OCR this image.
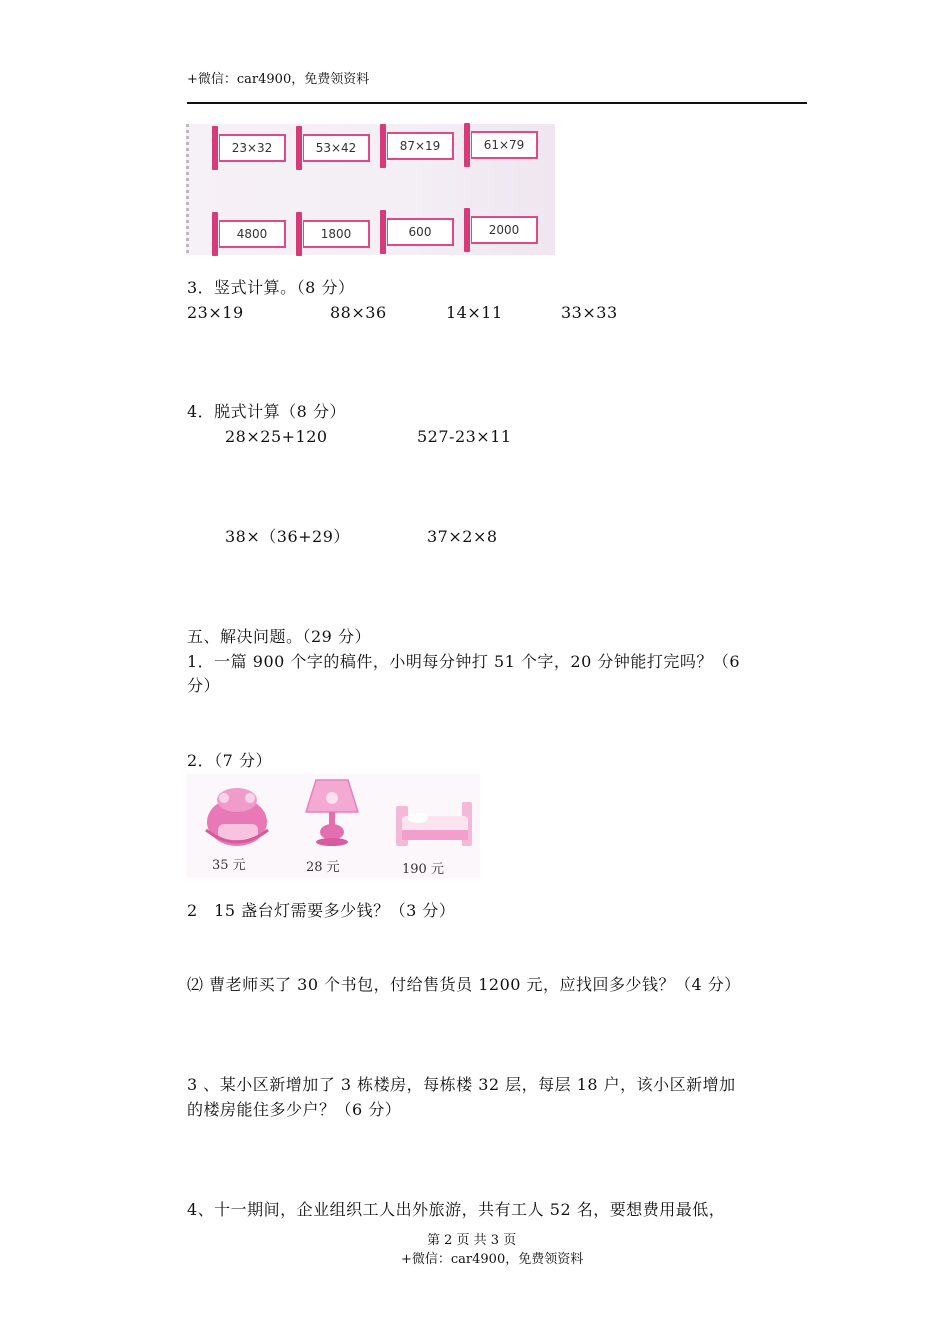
+微信：car4900，免费领资料
23×32	53×42	87×19	61×79
4800	1800	600	2000
3．竖式计算。（8 分）
23×19	88×36	14×11	33×33
4．脱式计算（8 分）
28×25+120	527-23×11
38×（36+29）	37×2×8
五、解决问题。（29 分）
1．一篇 900 个字的稿件，小明每分钟打 51 个字，20 分钟能打完吗？（6
分）
2．（7 分）
35 元	28 元	190 元
2　15 盏台灯需要多少钱？（3 分）
⑵ 曹老师买了 30 个书包，付给售货员 1200 元，应找回多少钱？（4 分）
3 、某小区新增加了 3 栋楼房，每栋楼 32 层，每层 18 户，该小区新增加
的楼房能住多少户？（6 分）
4、十一期间，企业组织工人出外旅游，共有工人 52 名，要想费用最低，
第 2 页 共 3 页
+微信：car4900，免费领资料
